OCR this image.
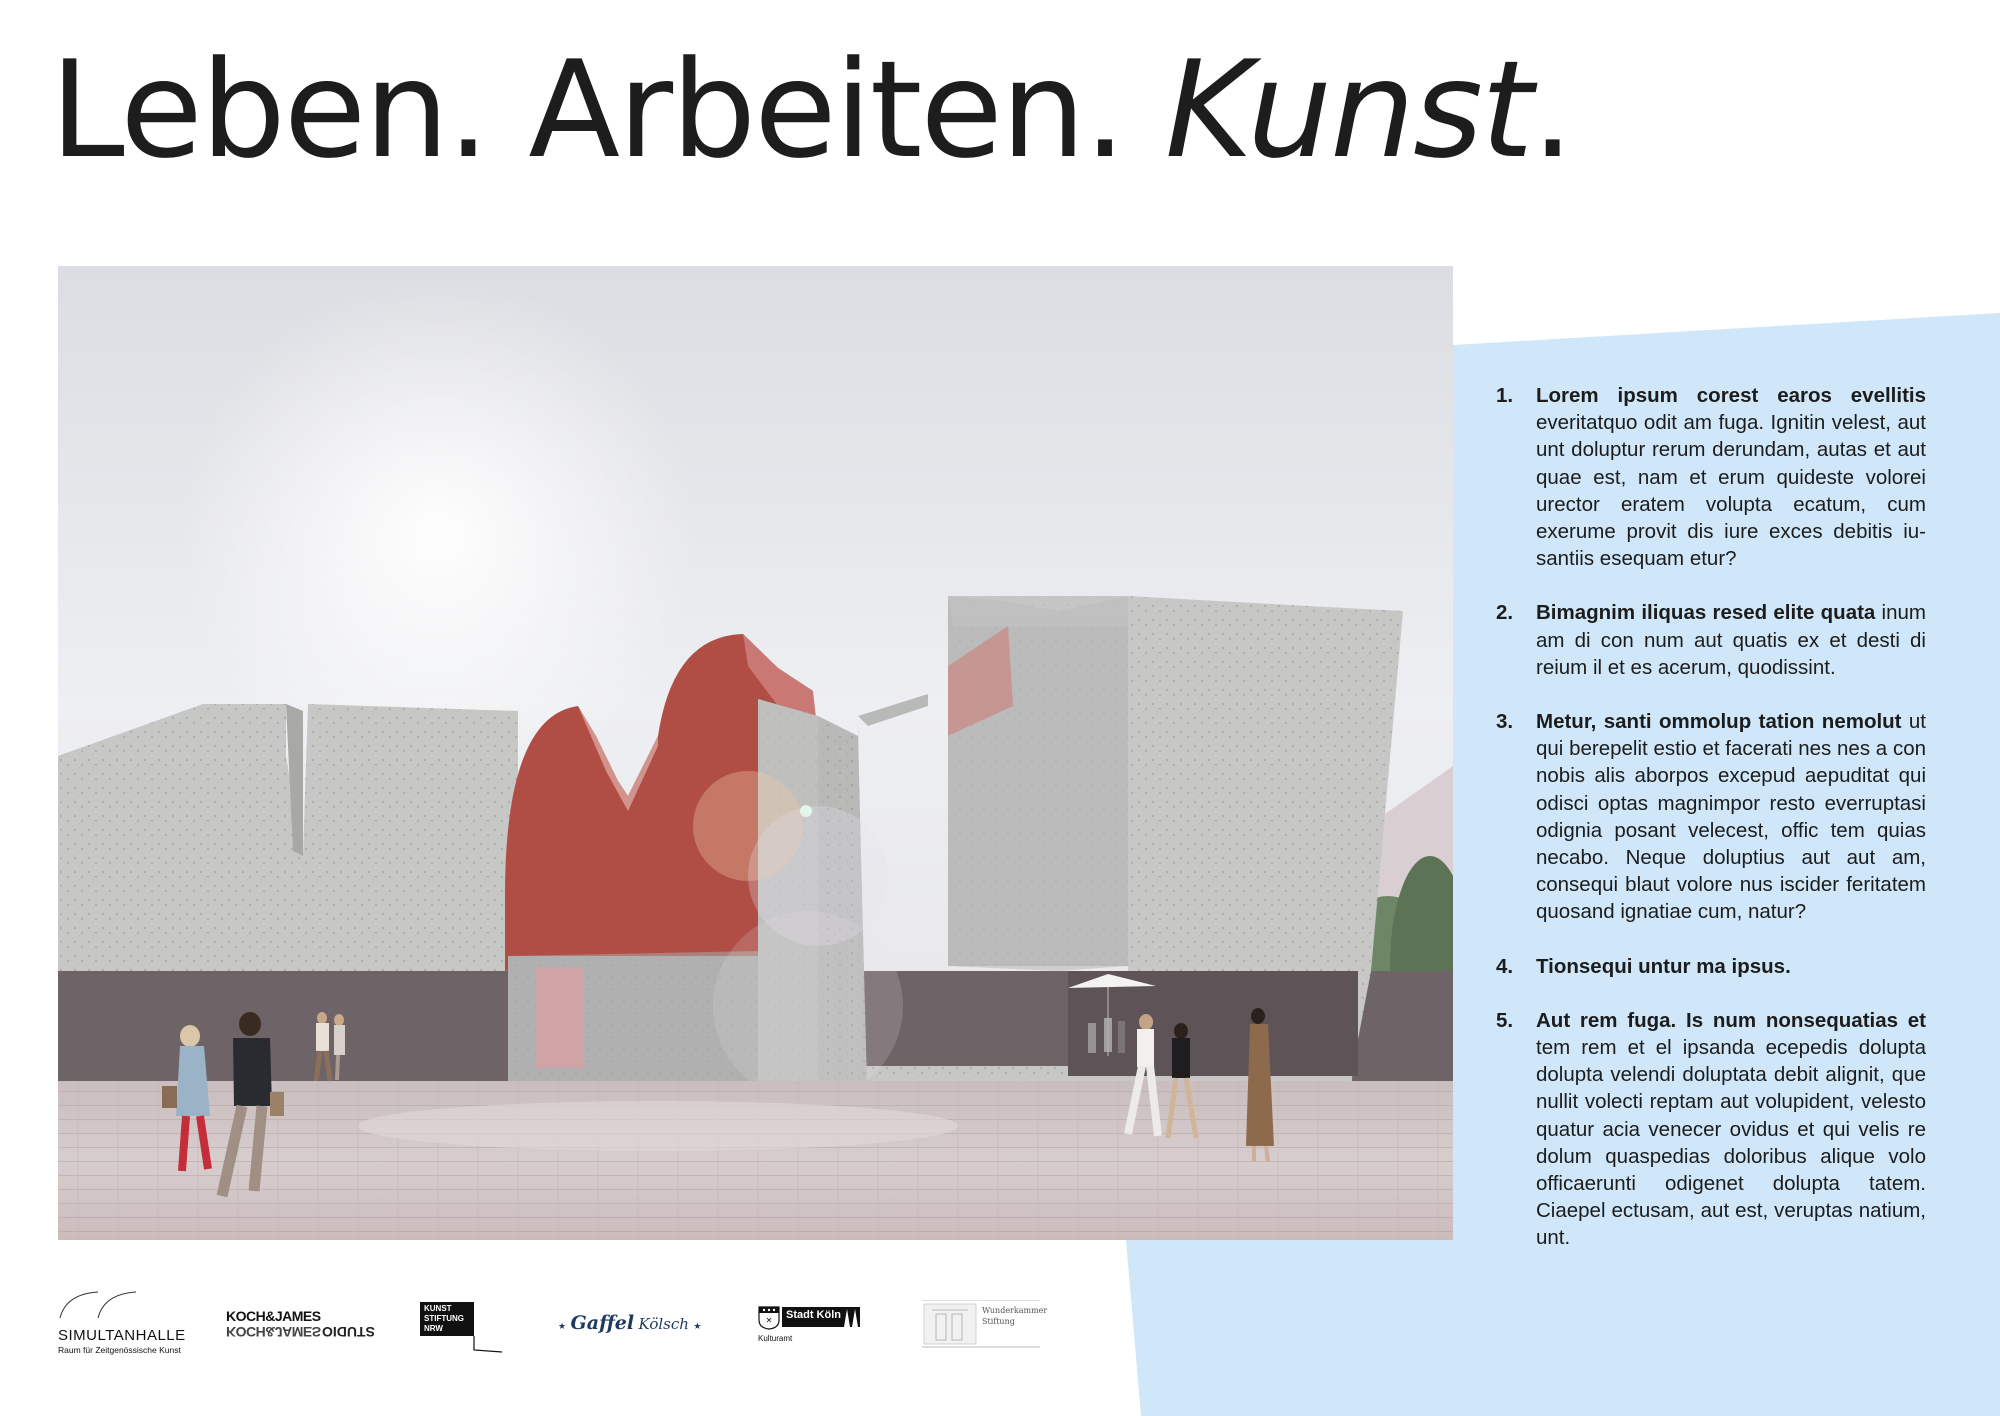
Leben. Arbeiten. Kunst.
1. Lorem ipsum corest earos evellitis everitatquo odit am fuga. Ignitin velest, aut unt doluptur rerum derundam, autas et aut quae est, nam et erum quideste volorei urector eratem volupta ecatum, cum exerume provit dis iure exces debitis iusantiis esequam etur?
2. Bimagnim iliquas resed elite quata inum am di con num aut quatis ex et desti di reium il et es acerum, quodissint.
3. Metur, santi ommolup tation nemolut ut qui berepelit estio et facerati nes nes a con nobis alis aborpos excepud aepuditat qui odisci optas magnimpor resto everruptasi odignia posant velecest, offic tem quias necabo. Neque doluptius aut aut am, consequi blaut volore nus iscider feritatem quosand ignatiae cum, natur?
4. Tionsequi untur ma ipsus.
5. Aut rem fuga. Is num nonsequatias et tem rem et el ipsanda ecepedis dolupta dolupta velendi doluptata debit alignit, que nullit volecti reptam aut volupident, velesto quatur acia venecer ovidus et qui velis re dolum quaspedias doloribus alique volo officaerunti odigenet dolupta tatem. Ciaepel ectusam, aut est, veruptas natium, unt.
SIMULTANHALLE
Raum für Zeitgenössische Kunst
KOCH&JAMES
KOCH&JAMES STUDIO
KUNST
STIFTUNG
NRW	★ Gaffel Kölsch ★
✕ Stadt Köln
Kulturamt
Wunderkammer
Stiftung
